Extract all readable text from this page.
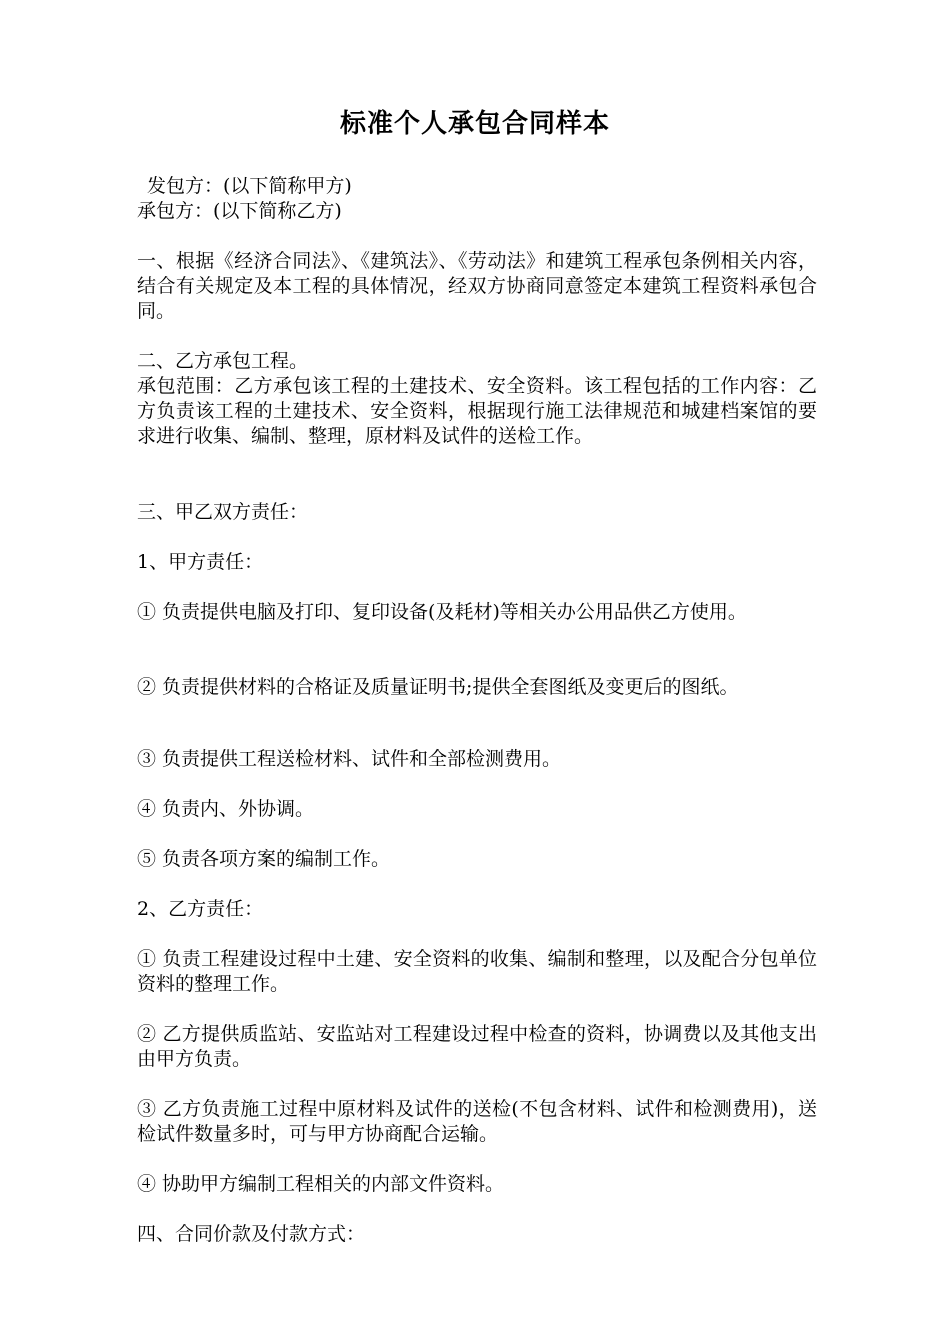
标准个人承包合同样本
发包方：(以下简称甲方)
承包方：(以下简称乙方)
一、根据《经济合同法》、《建筑法》、《劳动法》和建筑工程承包条例相关内容，结合有关规定及本工程的具体情况，经双方协商同意签定本建筑工程资料承包合同。
二、乙方承包工程。
承包范围：乙方承包该工程的土建技术、安全资料。该工程包括的工作内容：乙方负责该工程的土建技术、安全资料，根据现行施工法律规范和城建档案馆的要求进行收集、编制、整理，原材料及试件的送检工作。
三、甲乙双方责任：
1、甲方责任：
① 负责提供电脑及打印、复印设备(及耗材)等相关办公用品供乙方使用。
② 负责提供材料的合格证及质量证明书;提供全套图纸及变更后的图纸。
③ 负责提供工程送检材料、试件和全部检测费用。
④ 负责内、外协调。
⑤ 负责各项方案的编制工作。
2、乙方责任：
① 负责工程建设过程中土建、安全资料的收集、编制和整理，以及配合分包单位资料的整理工作。
② 乙方提供质监站、安监站对工程建设过程中检查的资料，协调费以及其他支出由甲方负责。
③ 乙方负责施工过程中原材料及试件的送检(不包含材料、试件和检测费用)，送检试件数量多时，可与甲方协商配合运输。
④ 协助甲方编制工程相关的内部文件资料。
四、合同价款及付款方式：
